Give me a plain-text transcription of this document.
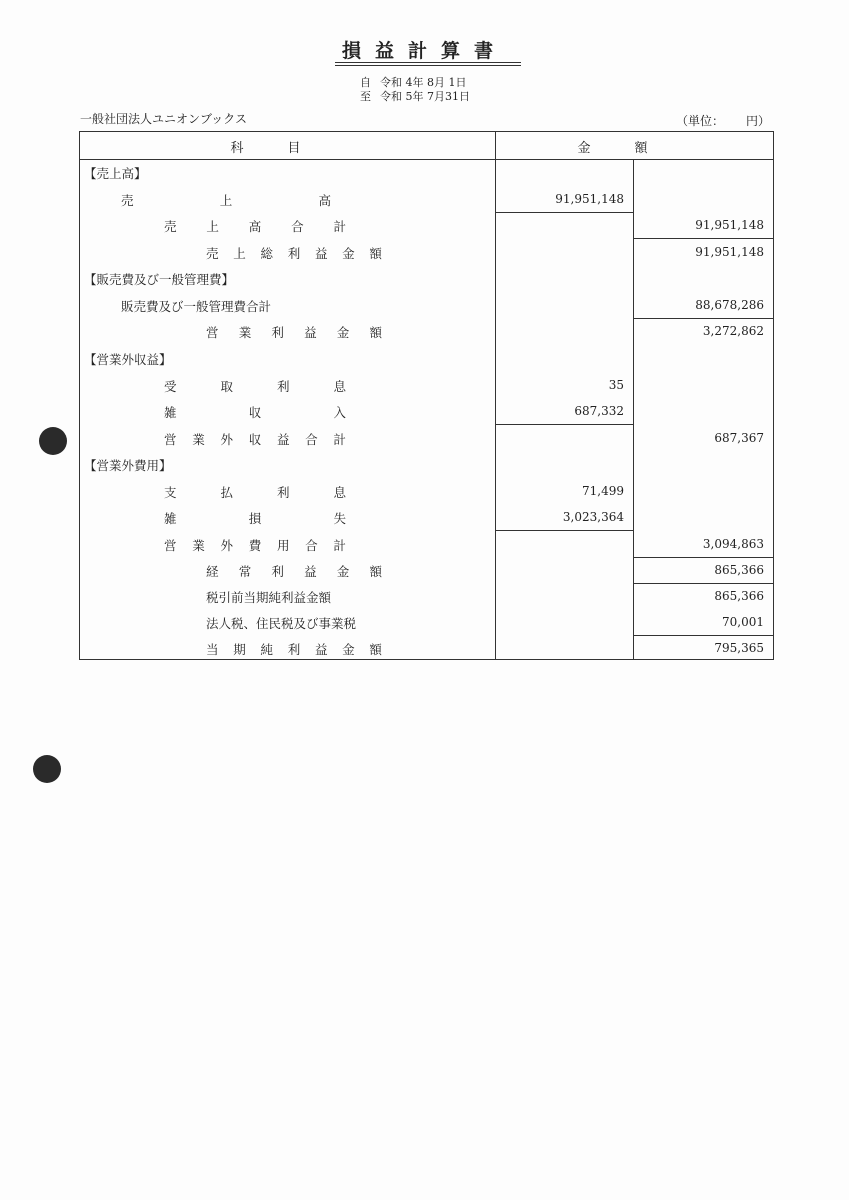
損益計算書
自 令和 4年 8月 1日
至 令和 5年 7月31日
一般社団法人ユニオンブックス	（単位： 円）
科目	金額
【売上高】
売	上	高	91,951,148
売 上 高 合 計	91,951,148
売 上 総 利 益 金 額	91,951,148
【販売費及び一般管理費】
販売費及び一般管理費合計	88,678,286
営 業 利 益 金 額	3,272,862
【営業外収益】
受	取	利	息	35
雑	収	入	687,332
営 業 外 収 益 合 計	687,367
【営業外費用】
支	払	利	息	71,499
雑	損	失	3,023,364
営 業 外 費 用 合 計	3,094,863
経 常 利 益 金 額	865,366
税引前当期純利益金額	865,366
法人税、住民税及び事業税	70,001
当 期 純 利 益 金 額	795,365
